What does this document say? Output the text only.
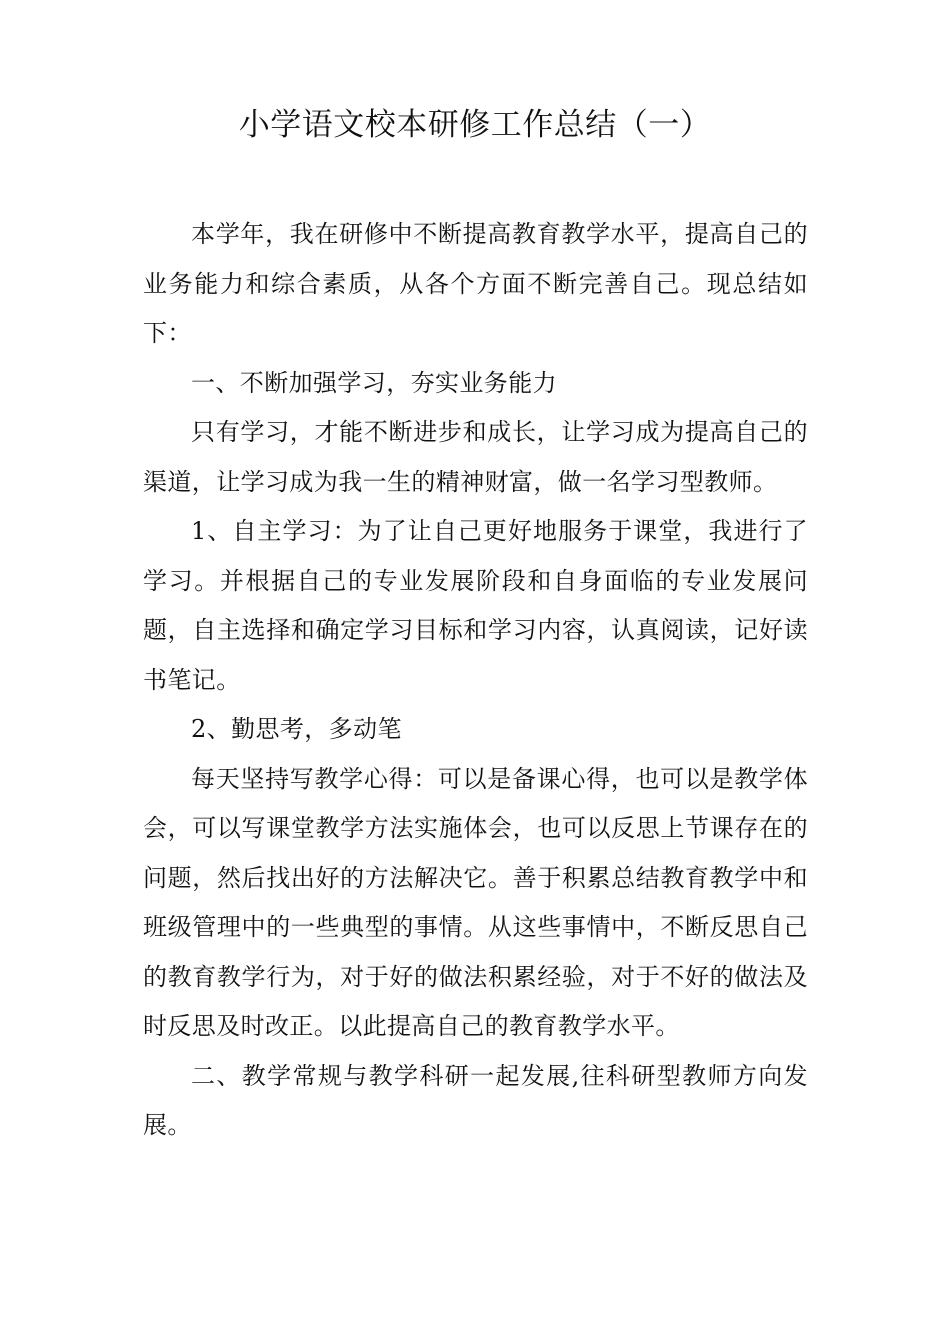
小学语文校本研修工作总结（一）

本学年，我在研修中不断提高教育教学水平，提高自己的业务能力和综合素质，从各个方面不断完善自己。现总结如下：

一、不断加强学习，夯实业务能力

只有学习，才能不断进步和成长，让学习成为提高自己的渠道，让学习成为我一生的精神财富，做一名学习型教师。

1、自主学习：为了让自己更好地服务于课堂，我进行了学习。并根据自己的专业发展阶段和自身面临的专业发展问题，自主选择和确定学习目标和学习内容，认真阅读，记好读书笔记。

2、勤思考，多动笔

每天坚持写教学心得：可以是备课心得，也可以是教学体会，可以写课堂教学方法实施体会，也可以反思上节课存在的问题，然后找出好的方法解决它。善于积累总结教育教学中和班级管理中的一些典型的事情。从这些事情中，不断反思自己的教育教学行为，对于好的做法积累经验，对于不好的做法及时反思及时改正。以此提高自己的教育教学水平。

二、教学常规与教学科研一起发展,往科研型教师方向发展。
